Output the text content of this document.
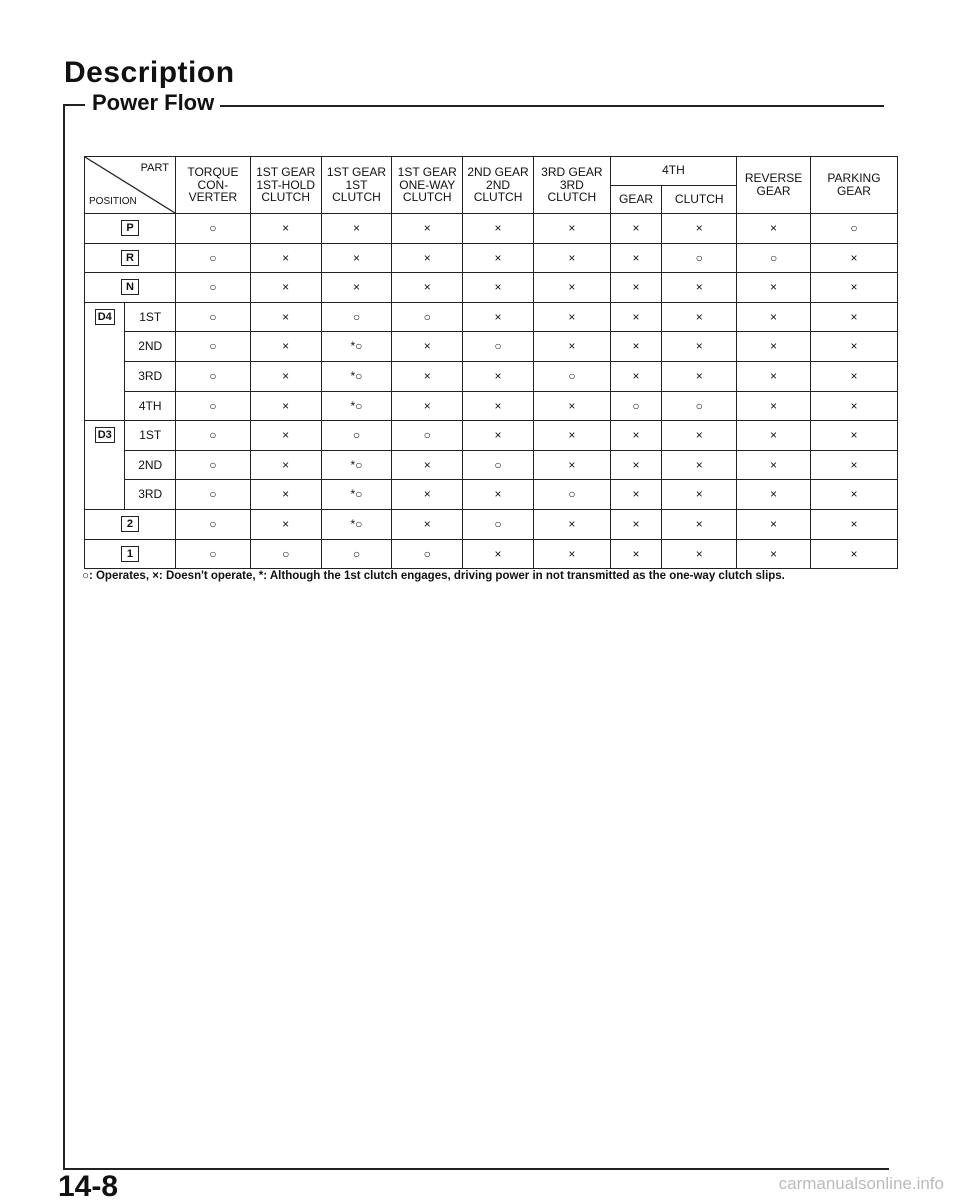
Description
Power Flow
PART
POSITION		TORQUE CON- VERTER	1ST GEAR 1ST-HOLD CLUTCH	1ST GEAR 1ST CLUTCH	1ST GEAR ONE-WAY CLUTCH	2ND GEAR 2ND CLUTCH	3RD GEAR 3RD CLUTCH	4TH		REVERSE GEAR	PARKING GEAR
								GEAR	CLUTCH		
P		○	×	×	×	×	×	×	×	×	○
R		○	×	×	×	×	×	×	○	○	×
N		○	×	×	×	×	×	×	×	×	×
D4	1ST	○	×	○	○	×	×	×	×	×	×
	2ND	○	×	*○	×	○	×	×	×	×	×
	3RD	○	×	*○	×	×	○	×	×	×	×
	4TH	○	×	*○	×	×	×	○	○	×	×
D3	1ST	○	×	○	○	×	×	×	×	×	×
	2ND	○	×	*○	×	○	×	×	×	×	×
	3RD	○	×	*○	×	×	○	×	×	×	×
2		○	×	*○	×	○	×	×	×	×	×
1		○	○	○	○	×	×	×	×	×	×
○: Operates, ×: Doesn't operate, *: Although the 1st clutch engages, driving power in not transmitted as the one-way clutch slips.
14-8	carmanualsonline.info
